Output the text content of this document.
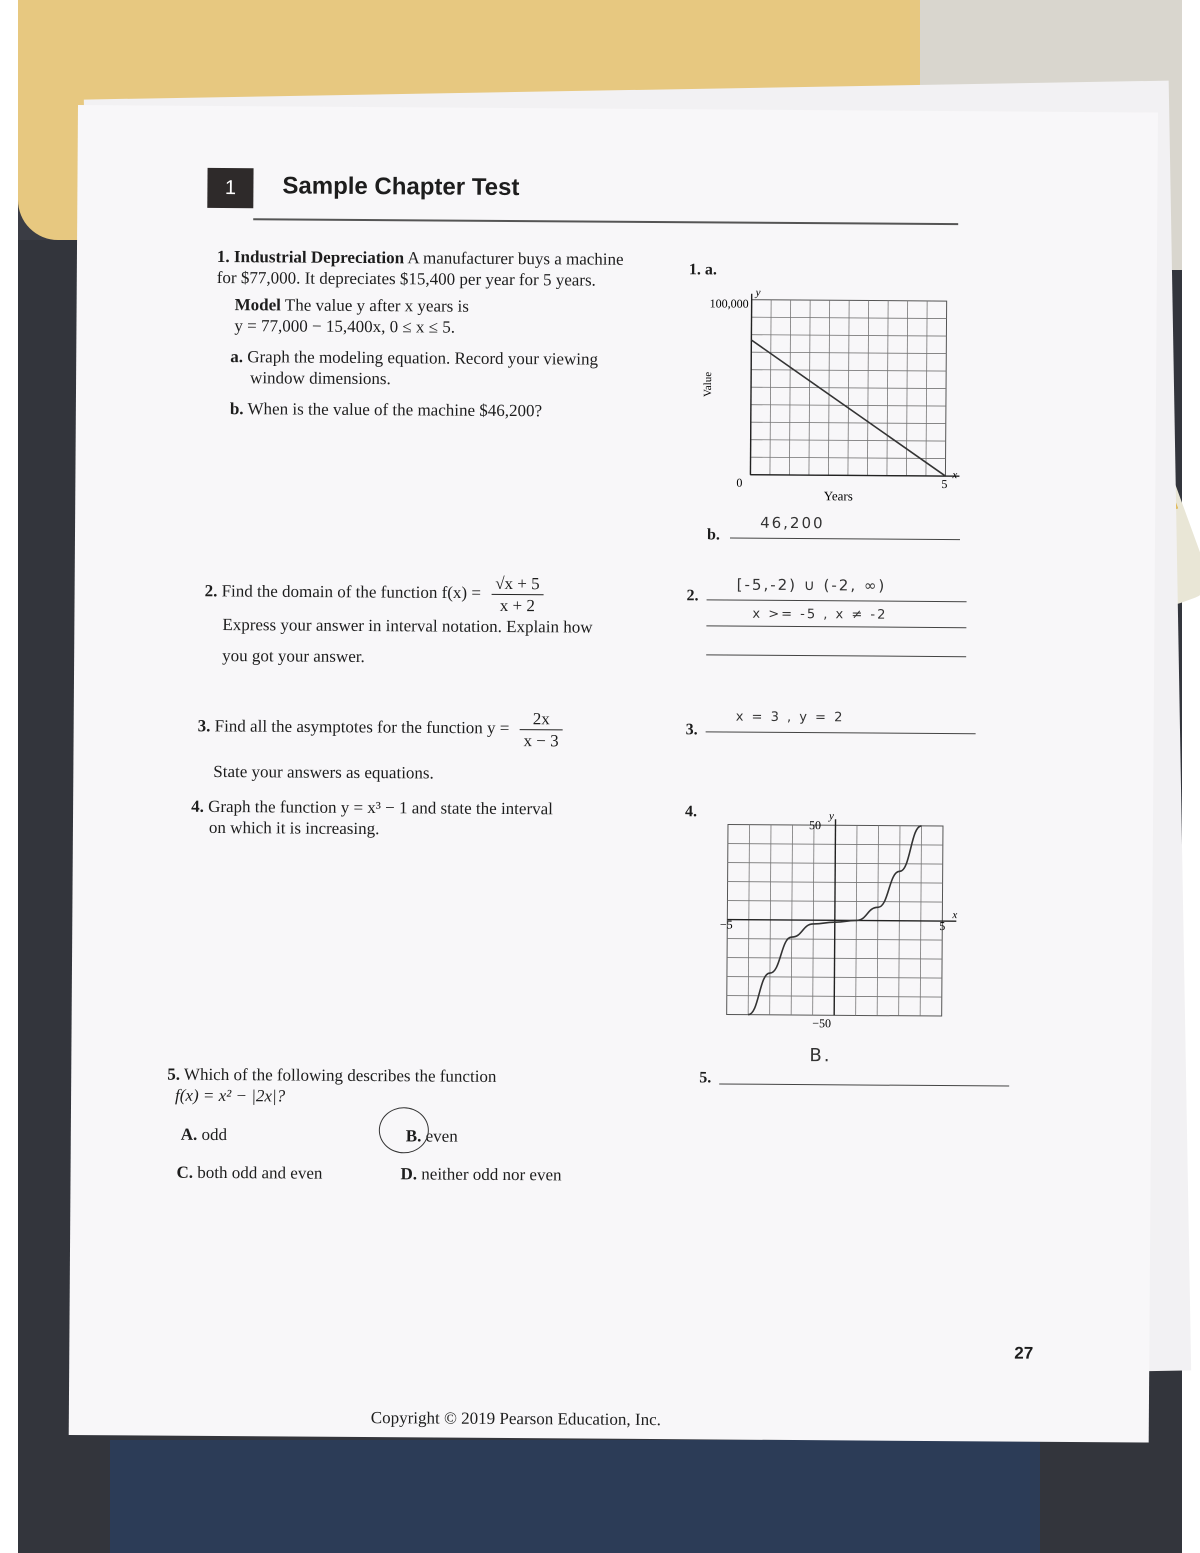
1	Sample Chapter Test
1. Industrial Depreciation A manufacturer buys a machine
for $77,000. It depreciates $15,400 per year for 5 years.
Model The value y after x years is
y = 77,000 − 15,400x, 0 ≤ x ≤ 5.
a. Graph the modeling equation. Record your viewing
window dimensions.
b. When is the value of the machine $46,200?
1. a.
y
100,000
0	5
x
Value
Years
b.
46,200
2. Find the domain of the function $f(x) = \frac{√x + 5}{x + 2}$
Express your answer in interval notation. Explain how
you got your answer.
2.
[-5,-2) ∪ (-2, ∞)
x >= -5 , x ≠ -2
3. Find all the asymptotes for the function $y = \frac{2x}{x - 3}$
State your answers as equations.
3.
x = 3 , y = 2
4. Graph the function y = x³ − 1 and state the interval
on which it is increasing.
4.	y
50
−50
−5	5
x
B.
5. Which of the following describes the function
f(x) = x² − |2x|?
5.
A. odd	B. even
C. both odd and even	D. neither odd nor even
Copyright © 2019 Pearson Education, Inc.
27
